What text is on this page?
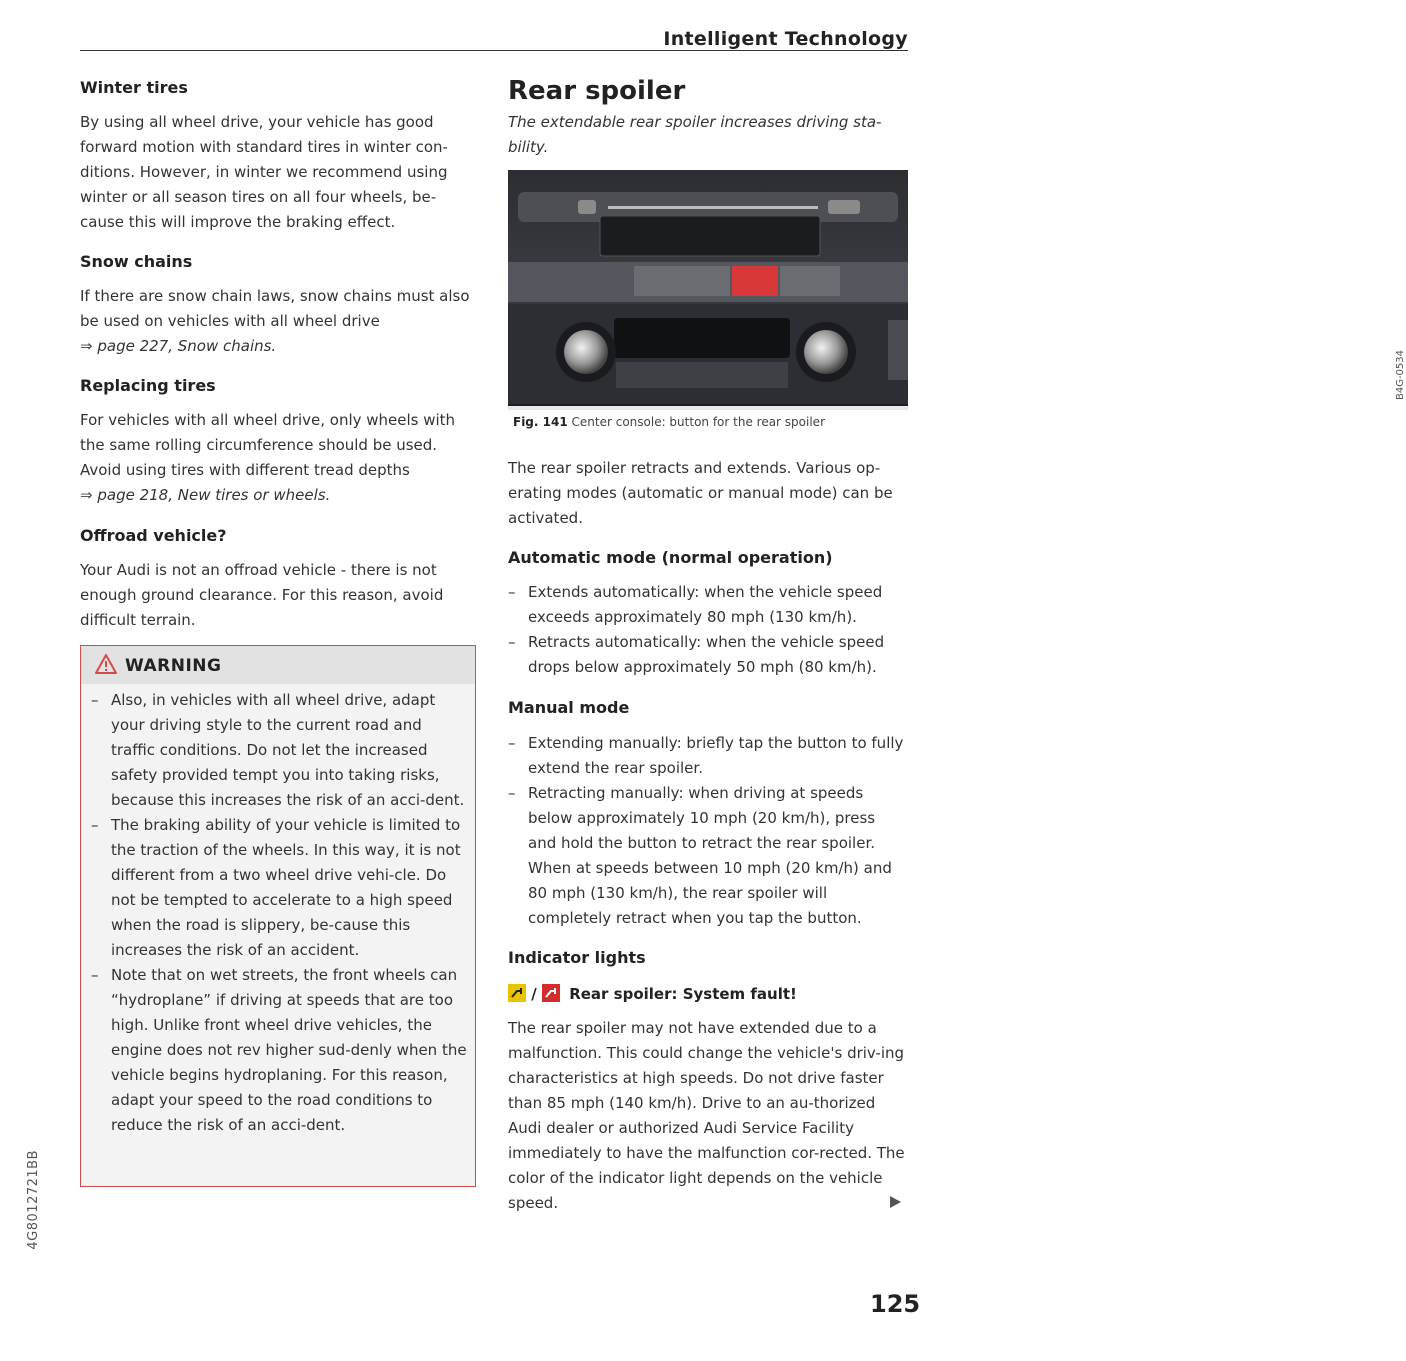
Intelligent Technology
Winter tires

By using all wheel drive, your vehicle has good forward motion with standard tires in winter con-ditions. However, in winter we recommend using winter or all season tires on all four wheels, be-cause this will improve the braking effect.

Snow chains

If there are snow chain laws, snow chains must also be used on vehicles with all wheel drive
⇒ page 227, Snow chains.

Replacing tires

For vehicles with all wheel drive, only wheels with the same rolling circumference should be used. Avoid using tires with different tread depths
⇒ page 218, New tires or wheels.

Offroad vehicle?

Your Audi is not an offroad vehicle - there is not enough ground clearance. For this reason, avoid difficult terrain.

WARNING
– Also, in vehicles with all wheel drive, adapt your driving style to the current road and traffic conditions. Do not let the increased safety provided tempt you into taking risks, because this increases the risk of an acci-dent.
– The braking ability of your vehicle is limited to the traction of the wheels. In this way, it is not different from a two wheel drive vehi-cle. Do not be tempted to accelerate to a high speed when the road is slippery, be-cause this increases the risk of an accident.
– Note that on wet streets, the front wheels can “hydroplane” if driving at speeds that are too high. Unlike front wheel drive vehicles, the engine does not rev higher sud-denly when the vehicle begins hydroplaning. For this reason, adapt your speed to the road conditions to reduce the risk of an acci-dent.
Rear spoiler

The extendable rear spoiler increases driving sta-bility.

B4G-0534
Fig. 141 Center console: button for the rear spoiler

The rear spoiler retracts and extends. Various op-erating modes (automatic or manual mode) can be activated.

Automatic mode (normal operation)
– Extends automatically: when the vehicle speed exceeds approximately 80 mph (130 km/h).
– Retracts automatically: when the vehicle speed drops below approximately 50 mph (80 km/h).
Manual mode
– Extending manually: briefly tap the button to fully extend the rear spoiler.
– Retracting manually: when driving at speeds below approximately 10 mph (20 km/h), press and hold the button to retract the rear spoiler. When at speeds between 10 mph (20 km/h) and 80 mph (130 km/h), the rear spoiler will completely retract when you tap the button.
Indicator lights
/ Rear spoiler: System fault!

The rear spoiler may not have extended due to a malfunction. This could change the vehicle's driv-ing characteristics at high speeds. Do not drive faster than 85 mph (140 km/h). Drive to an au-thorized Audi dealer or authorized Audi Service Facility immediately to have the malfunction cor-rected. The color of the indicator light depends on the vehicle speed.

4G8012721BB
125
